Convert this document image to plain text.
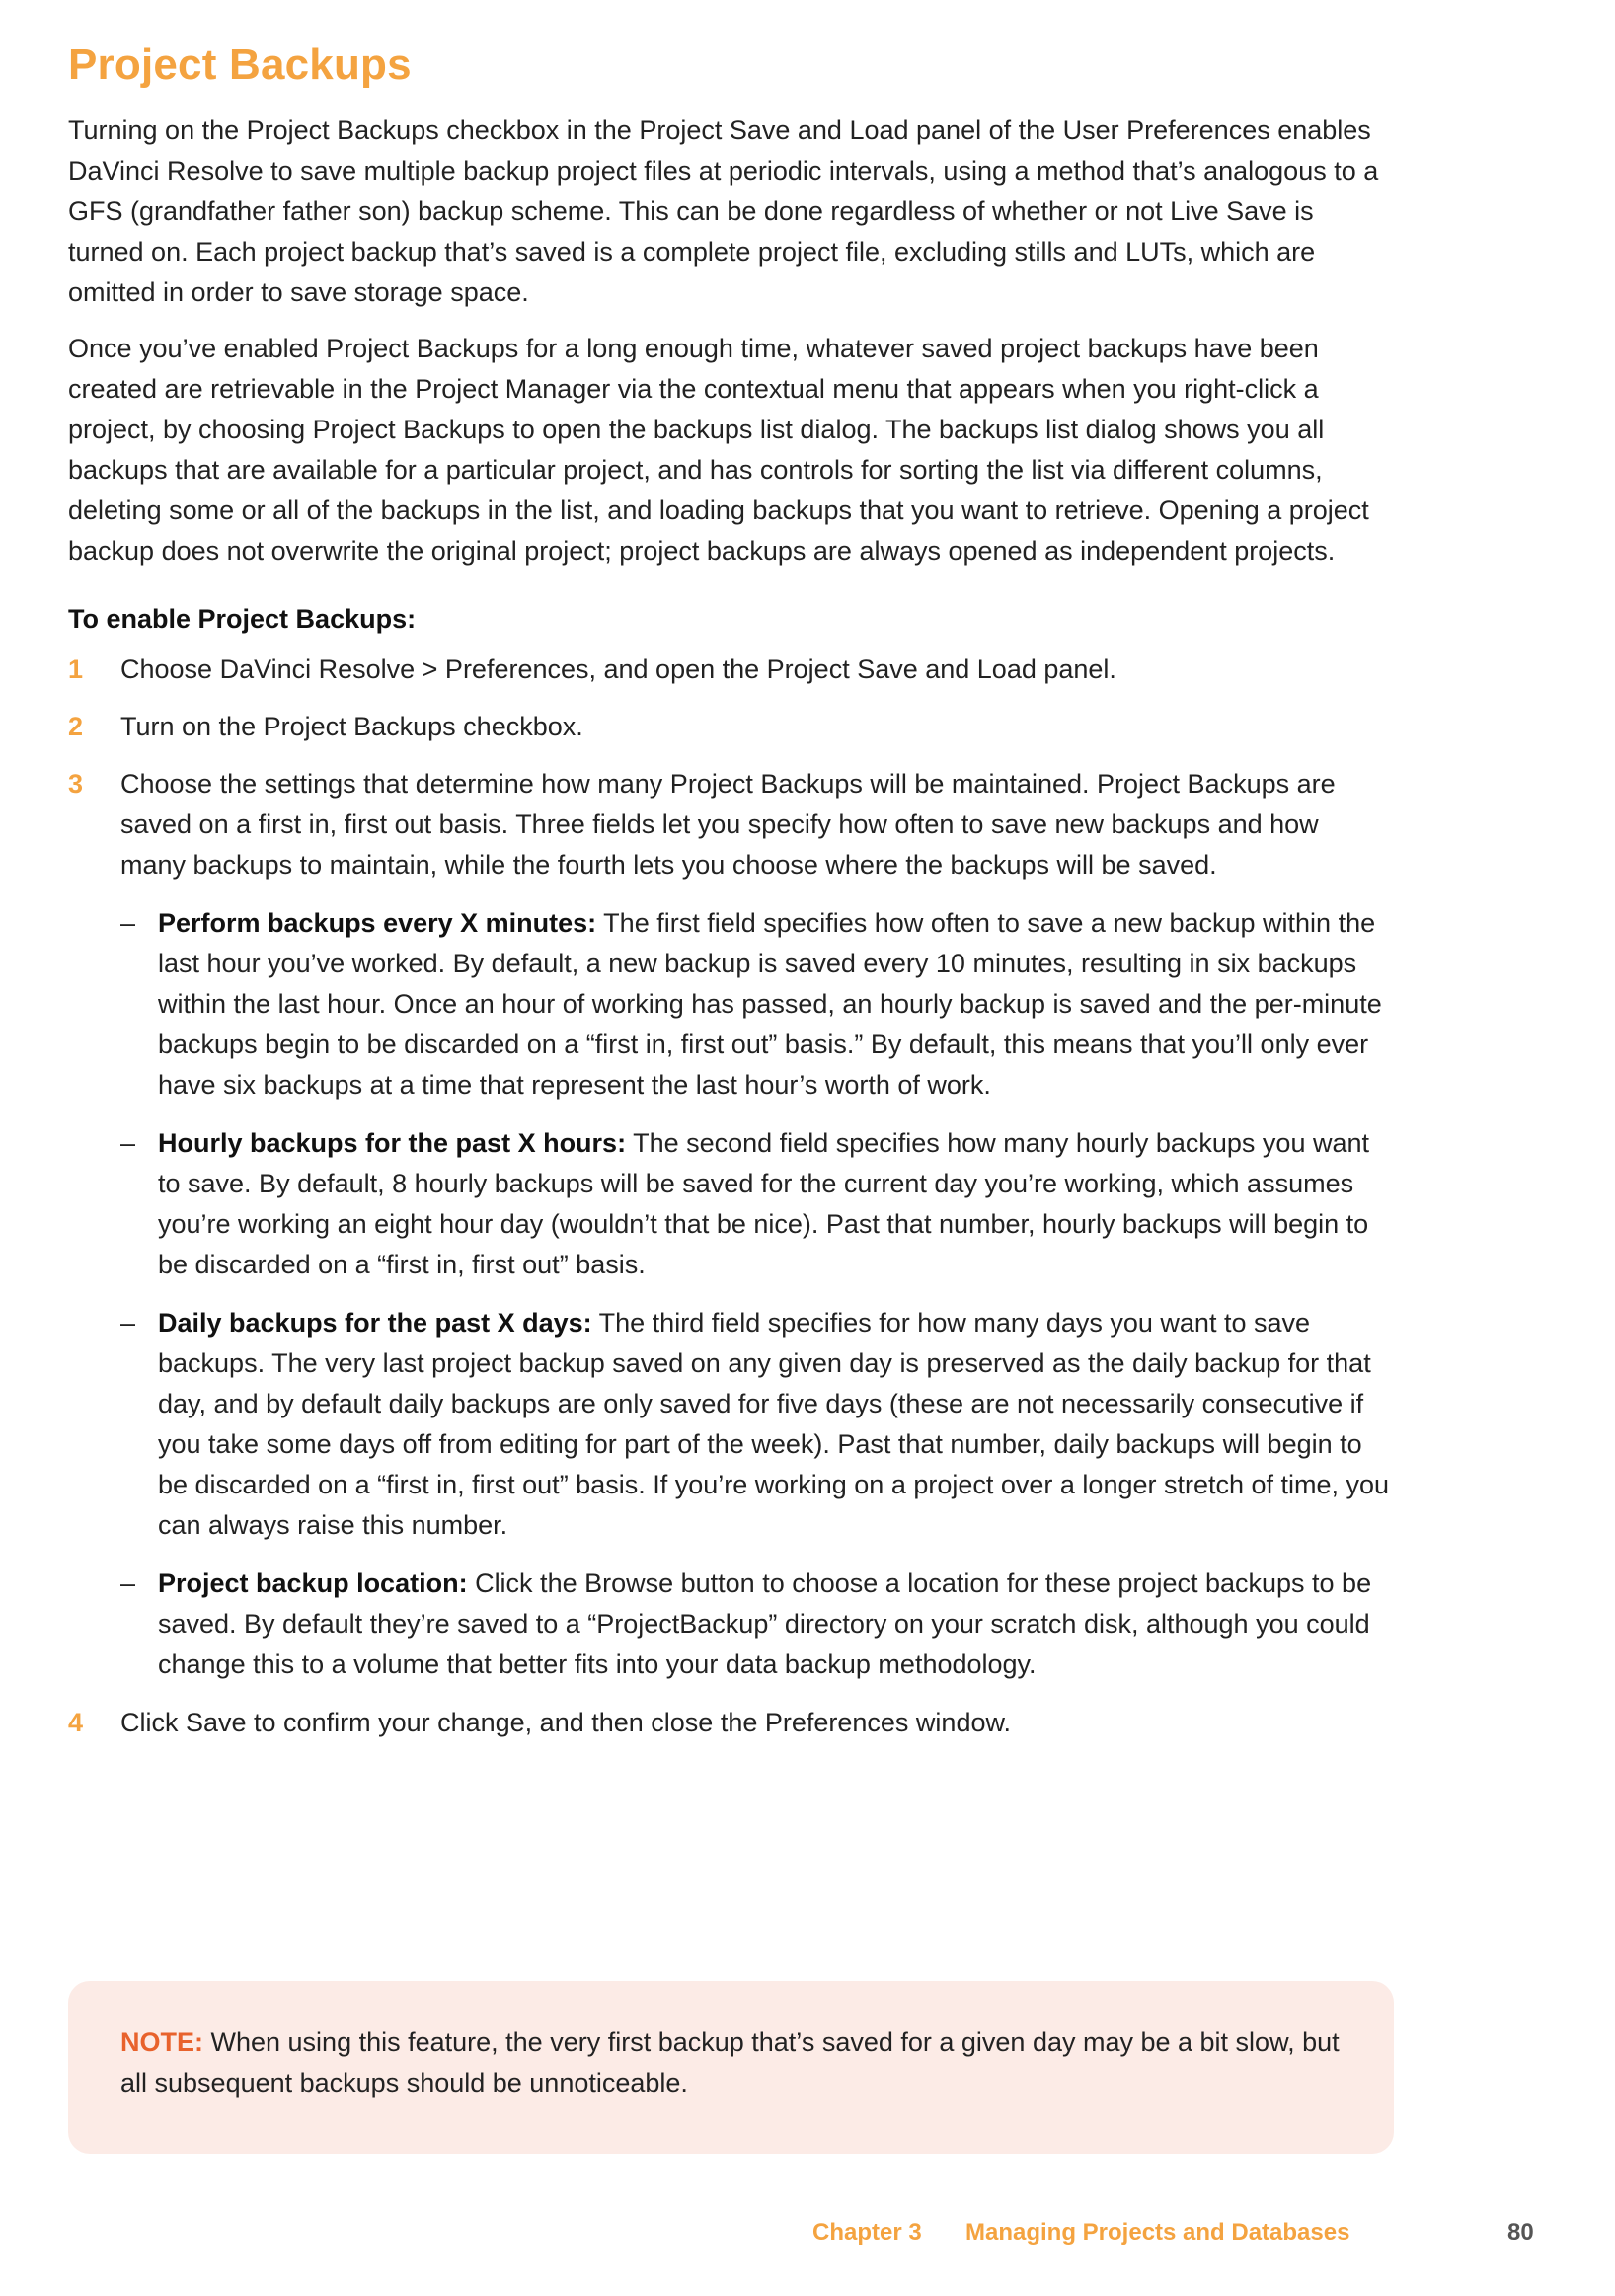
Project Backups

Turning on the Project Backups checkbox in the Project Save and Load panel of the User Preferences enables DaVinci Resolve to save multiple backup project files at periodic intervals, using a method that’s analogous to a GFS (grandfather father son) backup scheme. This can be done regardless of whether or not Live Save is turned on. Each project backup that’s saved is a complete project file, excluding stills and LUTs, which are omitted in order to save storage space.

Once you’ve enabled Project Backups for a long enough time, whatever saved project backups have been created are retrievable in the Project Manager via the contextual menu that appears when you right-click a project, by choosing Project Backups to open the backups list dialog. The backups list dialog shows you all backups that are available for a particular project, and has controls for sorting the list via different columns, deleting some or all of the backups in the list, and loading backups that you want to retrieve. Opening a project backup does not overwrite the original project; project backups are always opened as independent projects.

To enable Project Backups:
1 Choose DaVinci Resolve > Preferences, and open the Project Save and Load panel.
2 Turn on the Project Backups checkbox.
3 Choose the settings that determine how many Project Backups will be maintained. Project Backups are saved on a first in, first out basis. Three fields let you specify how often to save new backups and how many backups to maintain, while the fourth lets you choose where the backups will be saved.
– Perform backups every X minutes: The first field specifies how often to save a new backup within the last hour you’ve worked. By default, a new backup is saved every 10 minutes, resulting in six backups within the last hour. Once an hour of working has passed, an hourly backup is saved and the per-minute backups begin to be discarded on a “first in, first out” basis.” By default, this means that you’ll only ever have six backups at a time that represent the last hour’s worth of work.
– Hourly backups for the past X hours: The second field specifies how many hourly backups you want to save. By default, 8 hourly backups will be saved for the current day you’re working, which assumes you’re working an eight hour day (wouldn’t that be nice). Past that number, hourly backups will begin to be discarded on a “first in, first out” basis.
– Daily backups for the past X days: The third field specifies for how many days you want to save backups. The very last project backup saved on any given day is preserved as the daily backup for that day, and by default daily backups are only saved for five days (these are not necessarily consecutive if you take some days off from editing for part of the week). Past that number, daily backups will begin to be discarded on a “first in, first out” basis. If you’re working on a project over a longer stretch of time, you can always raise this number.
– Project backup location: Click the Browse button to choose a location for these project backups to be saved. By default they’re saved to a “ProjectBackup” directory on your scratch disk, although you could change this to a volume that better fits into your data backup methodology.
4 Click Save to confirm your change, and then close the Preferences window.
NOTE: When using this feature, the very first backup that’s saved for a given day may be a bit slow, but all subsequent backups should be unnoticeable.
Chapter 3 Managing Projects and Databases	80
